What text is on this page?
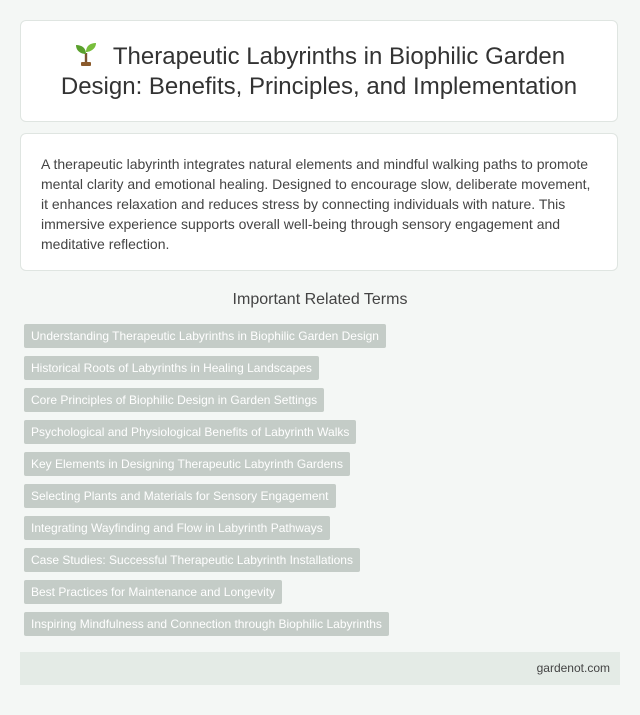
Therapeutic Labyrinths in Biophilic Garden Design: Benefits, Principles, and Implementation

A therapeutic labyrinth integrates natural elements and mindful walking paths to promote mental clarity and emotional healing. Designed to encourage slow, deliberate movement, it enhances relaxation and reduces stress by connecting individuals with nature. This immersive experience supports overall well-being through sensory engagement and meditative reflection.

Important Related Terms
Understanding Therapeutic Labyrinths in Biophilic Garden Design
Historical Roots of Labyrinths in Healing Landscapes
Core Principles of Biophilic Design in Garden Settings
Psychological and Physiological Benefits of Labyrinth Walks
Key Elements in Designing Therapeutic Labyrinth Gardens
Selecting Plants and Materials for Sensory Engagement
Integrating Wayfinding and Flow in Labyrinth Pathways
Case Studies: Successful Therapeutic Labyrinth Installations
Best Practices for Maintenance and Longevity
Inspiring Mindfulness and Connection through Biophilic Labyrinths
gardenot.com
